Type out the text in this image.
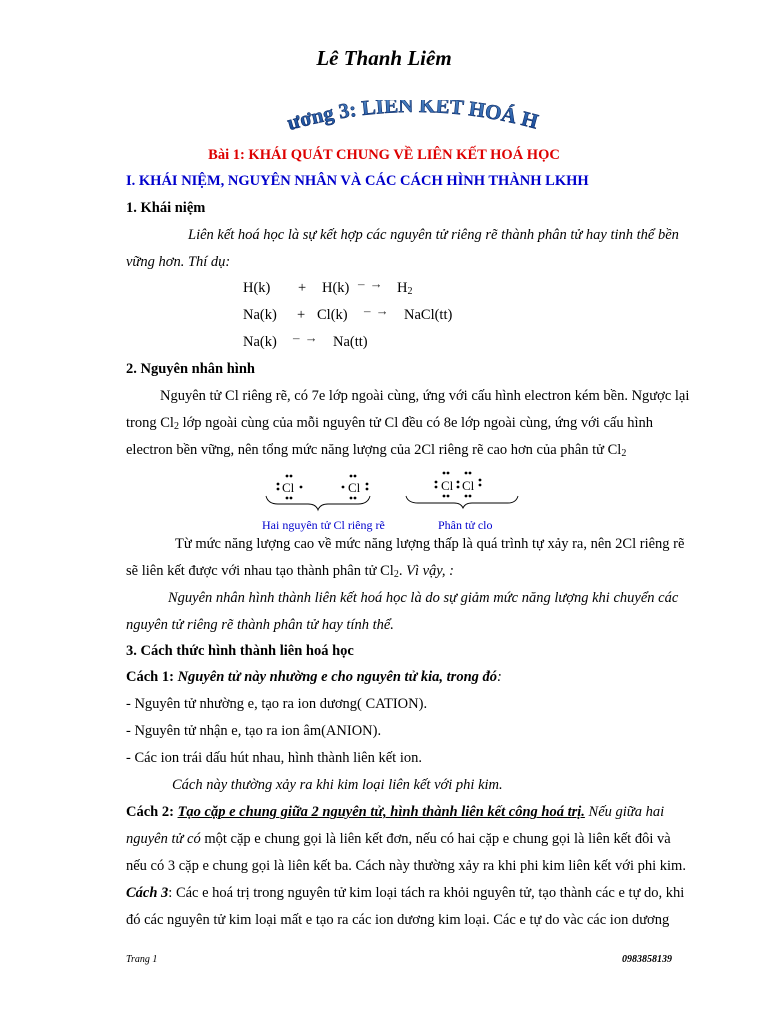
Lê Thanh Liêm
ương 3: LIÊN KẾT HOÁ H
Bài 1: KHÁI QUÁT CHUNG VỀ LIÊN KẾT HOÁ HỌC
I. KHÁI NIỆM, NGUYÊN NHÂN VÀ CÁC CÁCH HÌNH THÀNH LKHH
1. Khái niệm
Liên kết hoá học là sự kết hợp các nguyên tử riêng rẽ thành phân tử hay tinh thể bền
vững hơn. Thí dụ:
H(k) + H(k) – → $H_2$
Na(k) + Cl(k) – → NaCl(tt)
Na(k) – → Na(tt)
2. Nguyên nhân hình
Nguyên tử Cl riêng rẽ, có 7e lớp ngoài cùng, ứng với cấu hình electron kém bền. Ngược lại
trong $Cl_2$ lớp ngoài cùng của mỗi nguyên tử Cl đều có 8e lớp ngoài cùng, ứng với cấu hình
electron bền vững, nên tổng mức năng lượng của 2Cl riêng rẽ cao hơn của phân tử $Cl_2$
Cl	Cl	Cl Cl
Hai nguyên tử Cl riêng rẽ	Phân tử clo
Từ mức năng lượng cao về mức năng lượng thấp là quá trình tự xảy ra, nên 2Cl riêng rẽ
sẽ liên kết được với nhau tạo thành phân tử $Cl_2$. Vì vậy, :
Nguyên nhân hình thành liên kết hoá học là do sự giảm mức năng lượng khi chuyển các
nguyên tử riêng rẽ thành phân tử hay tính thể.
3. Cách thức hình thành liên hoá học
Cách 1: Nguyên tử này nhường e cho nguyên tử kia, trong đó:
- Nguyên tử nhường e, tạo ra ion dương( CATION).
- Nguyên tử nhận e, tạo ra ion âm(ANION).
- Các ion trái dấu hút nhau, hình thành liên kết ion.
Cách này thường xảy ra khi kim loại liên kết với phi kim.
Cách 2: Tạo cặp e chung giữa 2 nguyên tử, hình thành liên kết công hoá trị. Nếu giữa hai
nguyên tử có một cặp e chung gọi là liên kết đơn, nếu có hai cặp e chung gọi là liên kết đôi và
nếu có 3 cặp e chung gọi là liên kết ba. Cách này thường xảy ra khi phi kim liên kết với phi kim.
Cách 3: Các e hoá trị trong nguyên tử kim loại tách ra khỏi nguyên tử, tạo thành các e tự do, khi
đó các nguyên tử kim loại mất e tạo ra các ion dương kim loại. Các e tự do vàc các ion dương
Trang 1	0983858139
